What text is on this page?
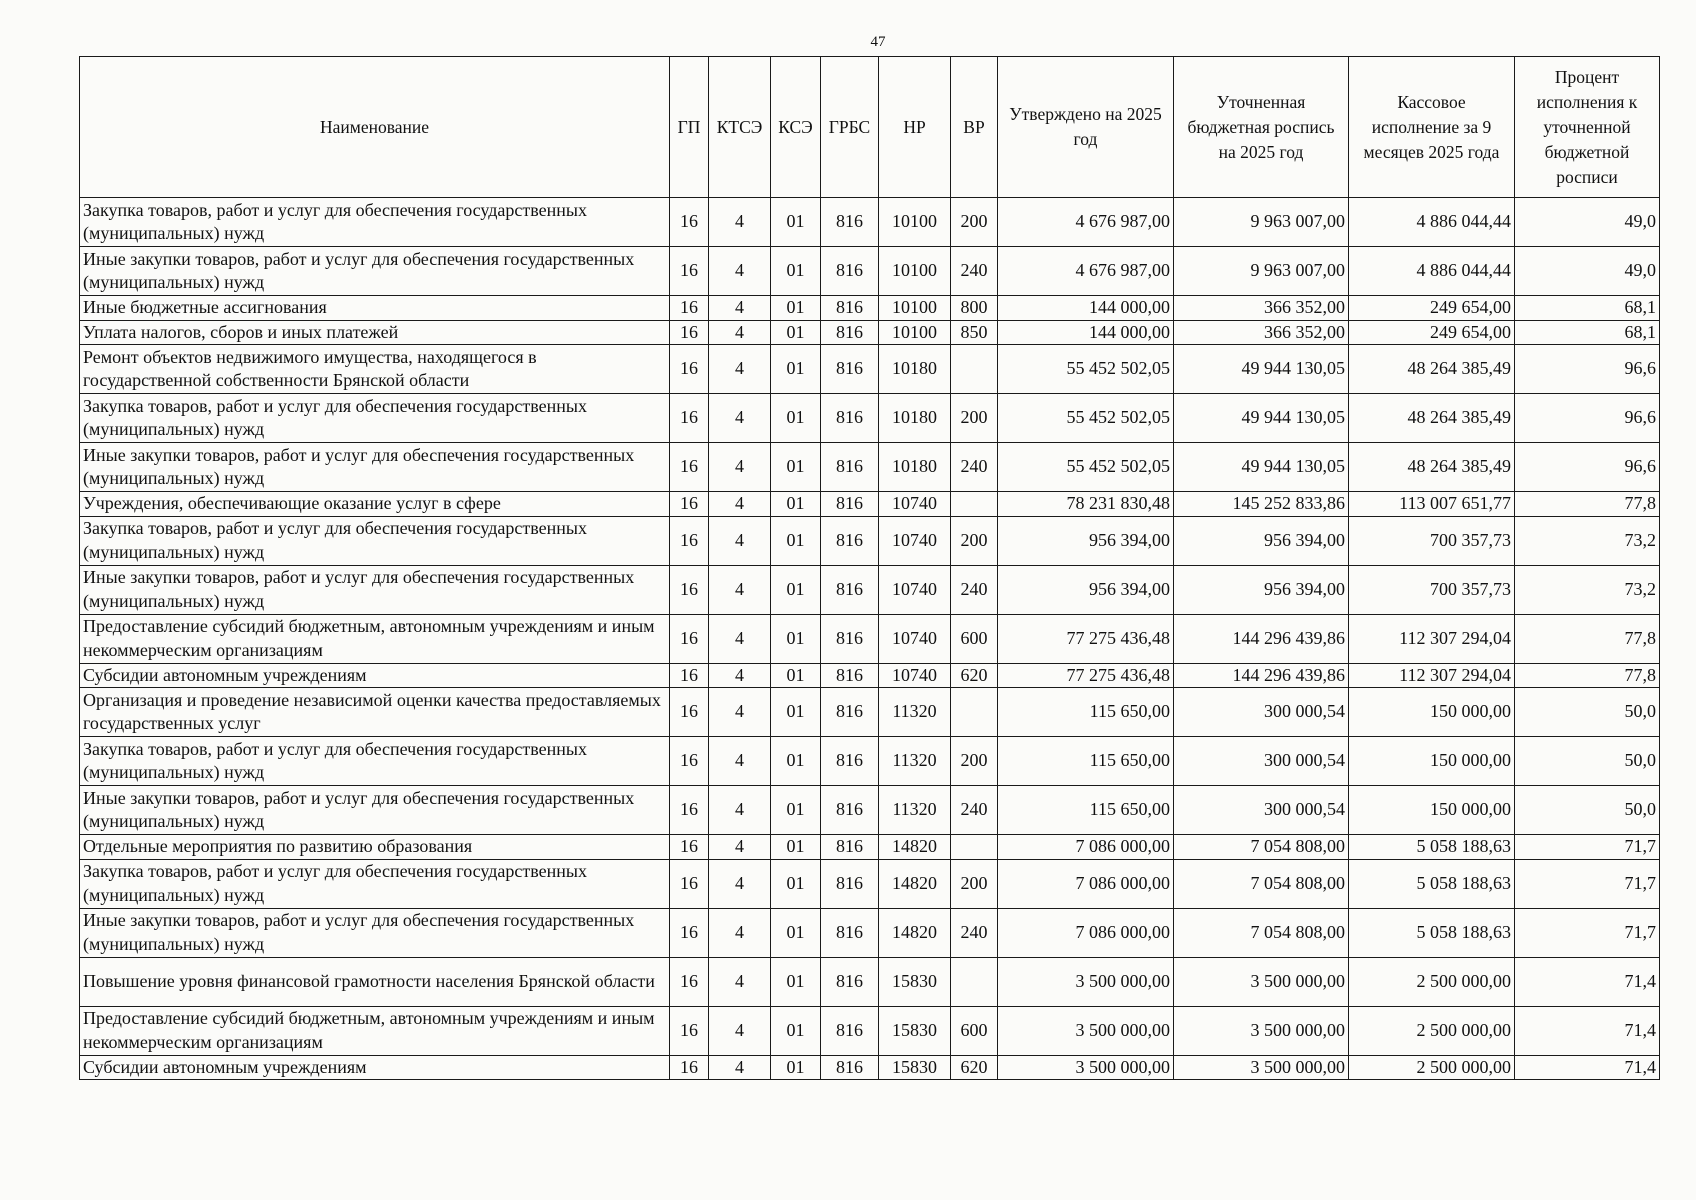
47
Наименование	ГП	КТСЭ	КСЭ	ГРБС	НР	ВР	Утверждено на 2025 год	Уточненная бюджетная роспись на 2025 год	Кассовое исполнение за 9 месяцев 2025 года	Процент исполнения к уточненной бюджетной росписи
Закупка товаров, работ и услуг для обеспечения государственных (муниципальных) нужд	16	4	01	816	10100	200	4 676 987,00	9 963 007,00	4 886 044,44	49,0
Иные закупки товаров, работ и услуг для обеспечения государственных (муниципальных) нужд	16	4	01	816	10100	240	4 676 987,00	9 963 007,00	4 886 044,44	49,0
Иные бюджетные ассигнования	16	4	01	816	10100	800	144 000,00	366 352,00	249 654,00	68,1
Уплата налогов, сборов и иных платежей	16	4	01	816	10100	850	144 000,00	366 352,00	249 654,00	68,1
Ремонт объектов недвижимого имущества, находящегося в государственной собственности Брянской области	16	4	01	816	10180		55 452 502,05	49 944 130,05	48 264 385,49	96,6
Закупка товаров, работ и услуг для обеспечения государственных (муниципальных) нужд	16	4	01	816	10180	200	55 452 502,05	49 944 130,05	48 264 385,49	96,6
Иные закупки товаров, работ и услуг для обеспечения государственных (муниципальных) нужд	16	4	01	816	10180	240	55 452 502,05	49 944 130,05	48 264 385,49	96,6
Учреждения, обеспечивающие оказание услуг в сфере	16	4	01	816	10740		78 231 830,48	145 252 833,86	113 007 651,77	77,8
Закупка товаров, работ и услуг для обеспечения государственных (муниципальных) нужд	16	4	01	816	10740	200	956 394,00	956 394,00	700 357,73	73,2
Иные закупки товаров, работ и услуг для обеспечения государственных (муниципальных) нужд	16	4	01	816	10740	240	956 394,00	956 394,00	700 357,73	73,2
Предоставление субсидий бюджетным, автономным учреждениям и иным некоммерческим организациям	16	4	01	816	10740	600	77 275 436,48	144 296 439,86	112 307 294,04	77,8
Субсидии автономным учреждениям	16	4	01	816	10740	620	77 275 436,48	144 296 439,86	112 307 294,04	77,8
Организация и проведение независимой оценки качества предоставляемых государственных услуг	16	4	01	816	11320		115 650,00	300 000,54	150 000,00	50,0
Закупка товаров, работ и услуг для обеспечения государственных (муниципальных) нужд	16	4	01	816	11320	200	115 650,00	300 000,54	150 000,00	50,0
Иные закупки товаров, работ и услуг для обеспечения государственных (муниципальных) нужд	16	4	01	816	11320	240	115 650,00	300 000,54	150 000,00	50,0
Отдельные мероприятия по развитию образования	16	4	01	816	14820		7 086 000,00	7 054 808,00	5 058 188,63	71,7
Закупка товаров, работ и услуг для обеспечения государственных (муниципальных) нужд	16	4	01	816	14820	200	7 086 000,00	7 054 808,00	5 058 188,63	71,7
Иные закупки товаров, работ и услуг для обеспечения государственных (муниципальных) нужд	16	4	01	816	14820	240	7 086 000,00	7 054 808,00	5 058 188,63	71,7
Повышение уровня финансовой грамотности населения Брянской области	16	4	01	816	15830		3 500 000,00	3 500 000,00	2 500 000,00	71,4
Предоставление субсидий бюджетным, автономным учреждениям и иным некоммерческим организациям	16	4	01	816	15830	600	3 500 000,00	3 500 000,00	2 500 000,00	71,4
Субсидии автономным учреждениям	16	4	01	816	15830	620	3 500 000,00	3 500 000,00	2 500 000,00	71,4
